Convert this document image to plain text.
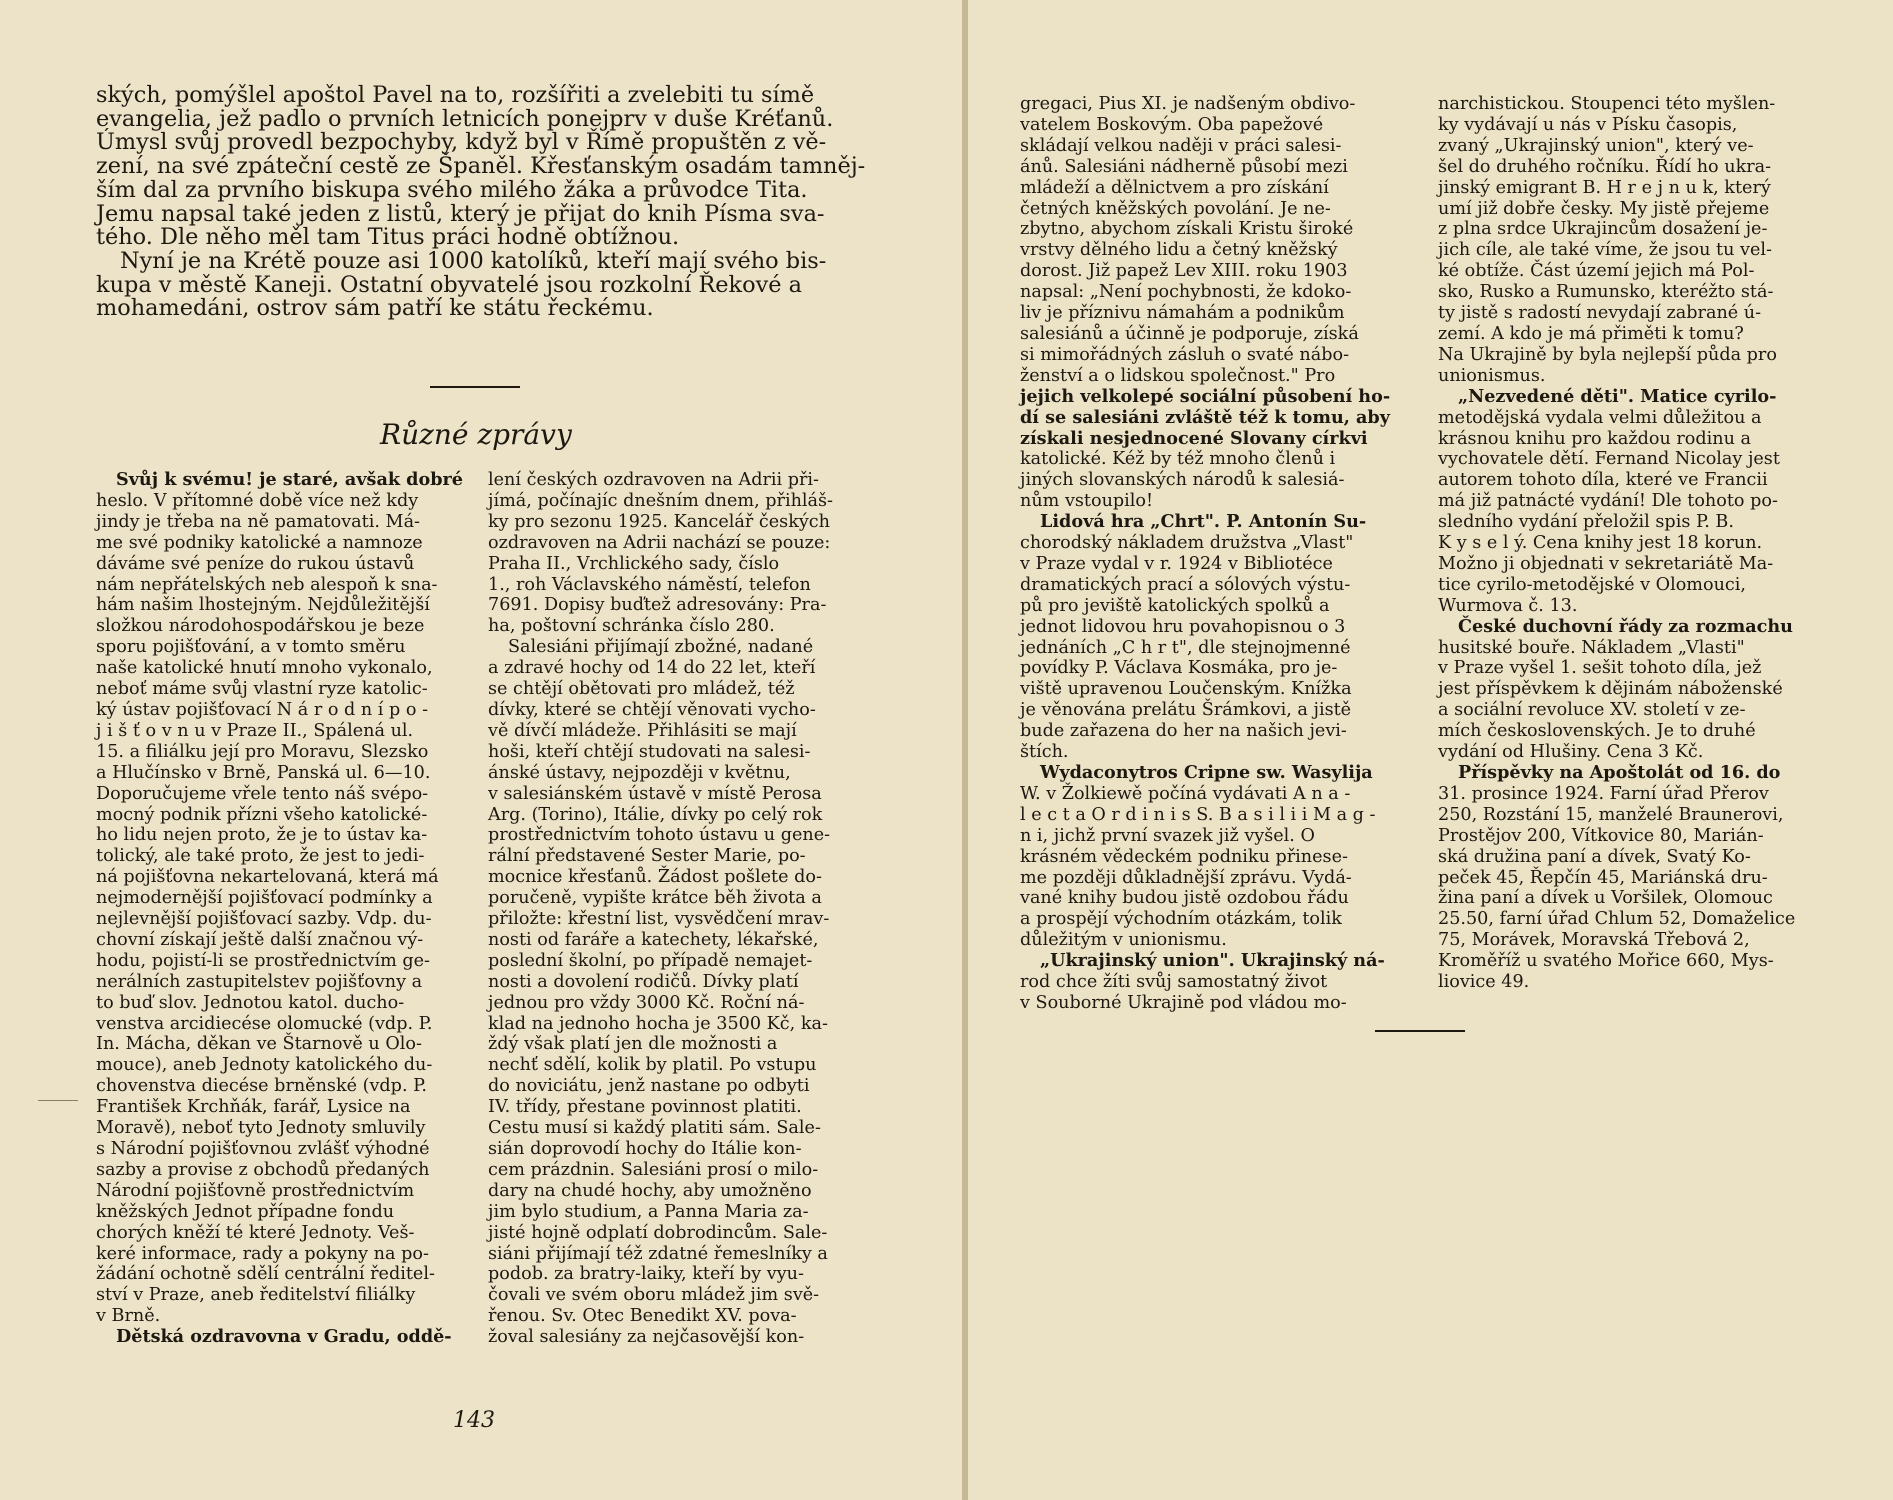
ských, pomýšlel apoštol Pavel na to, rozšířiti a zvelebiti tu símě

evangelia, jež padlo o prvních letnicích ponejprv v duše Kréťanů.

Úmysl svůj provedl bezpochyby, když byl v Římě propuštěn z vě-

zení, na své zpáteční cestě ze Španěl. Křesťanským osadám tamněj-

ším dal za prvního biskupa svého milého žáka a průvodce Tita.

Jemu napsal také jeden z listů, který je přijat do knih Písma sva-

tého. Dle něho měl tam Titus práci hodně obtížnou.

Nyní je na Krétě pouze asi 1000 katolíků, kteří mají svého bis-

kupa v městě Kaneji. Ostatní obyvatelé jsou rozkolní Řekové a

mohamedáni, ostrov sám patří ke státu řeckému.

Různé zprávy

Svůj k svému! je staré, avšak dobré

heslo. V přítomné době více než kdy

jindy je třeba na ně pamatovati. Má-

me své podniky katolické a namnoze

dáváme své peníze do rukou ústavů

nám nepřátelských neb alespoň k sna-

hám našim lhostejným. Nejdůležitější

složkou národohospodářskou je beze

sporu pojišťování, a v tomto směru

naše katolické hnutí mnoho vykonalo,

neboť máme svůj vlastní ryze katolic-

ký ústav pojišťovací N á r o d n í p o -

j i š ť o v n u v Praze II., Spálená ul.

15. a filiálku její pro Moravu, Slezsko

a Hlučínsko v Brně, Panská ul. 6—10.

Doporučujeme vřele tento náš svépo-

mocný podnik přízni všeho katolické-

ho lidu nejen proto, že je to ústav ka-

tolický, ale také proto, že jest to jedi-

ná pojišťovna nekartelovaná, která má

nejmodernější pojišťovací podmínky a

nejlevnější pojišťovací sazby. Vdp. du-

chovní získají ještě další značnou vý-

hodu, pojistí-li se prostřednictvím ge-

nerálních zastupitelstev pojišťovny a

to buď slov. Jednotou katol. ducho-

venstva arcidiecése olomucké (vdp. P.

In. Mácha, děkan ve Štarnově u Olo-

mouce), aneb Jednoty katolického du-

chovenstva diecése brněnské (vdp. P.

František Krchňák, farář, Lysice na

Moravě), neboť tyto Jednoty smluvily

s Národní pojišťovnou zvlášť výhodné

sazby a provise z obchodů předaných

Národní pojišťovně prostřednictvím

kněžských Jednot případne fondu

chorých kněží té které Jednoty. Veš-

keré informace, rady a pokyny na po-

žádání ochotně sdělí centrální ředitel-

ství v Praze, aneb ředitelství filiálky

v Brně.

Dětská ozdravovna v Gradu, oddě-

lení českých ozdravoven na Adrii při-

jímá, počínajíc dnešním dnem, přihláš-

ky pro sezonu 1925. Kancelář českých

ozdravoven na Adrii nachází se pouze:

Praha II., Vrchlického sady, číslo

1., roh Václavského náměstí, telefon

7691. Dopisy buďtež adresovány: Pra-

ha, poštovní schránka číslo 280.

Salesiáni přijímají zbožné, nadané

a zdravé hochy od 14 do 22 let, kteří

se chtějí obětovati pro mládež, též

dívky, které se chtějí věnovati vycho-

vě dívčí mládeže. Přihlásiti se mají

hoši, kteří chtějí studovati na salesi-

ánské ústavy, nejpozději v květnu,

v salesiánském ústavě v místě Perosa

Arg. (Torino), Itálie, dívky po celý rok

prostřednictvím tohoto ústavu u gene-

rální představené Sester Marie, po-

mocnice křesťanů. Žádost pošlete do-

poručeně, vypište krátce běh života a

přiložte: křestní list, vysvědčení mrav-

nosti od faráře a katechety, lékařské,

poslední školní, po případě nemajet-

nosti a dovolení rodičů. Dívky platí

jednou pro vždy 3000 Kč. Roční ná-

klad na jednoho hocha je 3500 Kč, ka-

ždý však platí jen dle možnosti a

nechť sdělí, kolik by platil. Po vstupu

do noviciátu, jenž nastane po odbyti

IV. třídy, přestane povinnost platiti.

Cestu musí si každý platiti sám. Sale-

sián doprovodí hochy do Itálie kon-

cem prázdnin. Salesiáni prosí o milo-

dary na chudé hochy, aby umožněno

jim bylo studium, a Panna Maria za-

jisté hojně odplatí dobrodincům. Sale-

siáni přijímají též zdatné řemeslníky a

podob. za bratry-laiky, kteří by vyu-

čovali ve svém oboru mládež jim svě-

řenou. Sv. Otec Benedikt XV. pova-

žoval salesiány za nejčasovější kon-

143

gregaci, Pius XI. je nadšeným obdivo-

vatelem Boskovým. Oba papežové

skládají velkou naději v práci salesi-

ánů. Salesiáni nádherně působí mezi

mládeží a dělnictvem a pro získání

četných kněžských povolání. Je ne-

zbytno, abychom získali Kristu široké

vrstvy dělného lidu a četný kněžský

dorost. Již papež Lev XIII. roku 1903

napsal: „Není pochybnosti, že kdoko-

liv je příznivu námahám a podnikům

salesiánů a účinně je podporuje, získá

si mimořádných zásluh o svaté nábo-

ženství a o lidskou společnost." Pro

jejich velkolepé sociální působení ho-

dí se salesiáni zvláště též k tomu, aby

získali nesjednocené Slovany církvi

katolické. Kéž by též mnoho členů i

jiných slovanských národů k salesiá-

nům vstoupilo!

Lidová hra „Chrt". P. Antonín Su-

chorodský nákladem družstva „Vlast"

v Praze vydal v r. 1924 v Bibliotéce

dramatických prací a sólových výstu-

pů pro jeviště katolických spolků a

jednot lidovou hru povahopisnou o 3

jednáních „C h r t", dle stejnojmenné

povídky P. Václava Kosmáka, pro je-

viště upravenou Loučenským. Knížka

je věnována prelátu Šrámkovi, a jistě

bude zařazena do her na našich jevi-

štích.

Wydaconytros Cripne sw. Wasylija

W. v Žolkiewě počíná vydávati A n a -

l e c t a O r d i n i s S. B a s i l i i M a g -

n i, jichž první svazek již vyšel. O

krásném vědeckém podniku přinese-

me později důkladnější zprávu. Vydá-

vané knihy budou jistě ozdobou řádu

a prospějí východním otázkám, tolik

důležitým v unionismu.

„Ukrajinský union". Ukrajinský ná-

rod chce žíti svůj samostatný život

v Souborné Ukrajině pod vládou mo-

narchistickou. Stoupenci této myšlen-

ky vydávají u nás v Písku časopis,

zvaný „Ukrajinský union", který ve-

šel do druhého ročníku. Řídí ho ukra-

jinský emigrant B. H r e j n u k, který

umí již dobře česky. My jistě přejeme

z plna srdce Ukrajincům dosažení je-

jich cíle, ale také víme, že jsou tu vel-

ké obtíže. Část území jejich má Pol-

sko, Rusko a Rumunsko, kteréžto stá-

ty jistě s radostí nevydají zabrané ú-

zemí. A kdo je má přiměti k tomu?

Na Ukrajině by byla nejlepší půda pro

unionismus.

„Nezvedené děti". Matice cyrilo-

metodějská vydala velmi důležitou a

krásnou knihu pro každou rodinu a

vychovatele dětí. Fernand Nicolay jest

autorem tohoto díla, které ve Francii

má již patnácté vydání! Dle tohoto po-

sledního vydání přeložil spis P. B.

K y s e l ý. Cena knihy jest 18 korun.

Možno ji objednati v sekretariátě Ma-

tice cyrilo-metodějské v Olomouci,

Wurmova č. 13.

České duchovní řády za rozmachu

husitské bouře. Nákladem „Vlasti"

v Praze vyšel 1. sešit tohoto díla, jež

jest příspěvkem k dějinám náboženské

a sociální revoluce XV. století v ze-

mích československých. Je to druhé

vydání od Hlušiny. Cena 3 Kč.

Příspěvky na Apoštolát od 16. do

31. prosince 1924. Farní úřad Přerov

250, Rozstání 15, manželé Braunerovi,

Prostějov 200, Vítkovice 80, Marián-

ská družina paní a dívek, Svatý Ko-

peček 45, Řepčín 45, Mariánská dru-

žina paní a dívek u Voršilek, Olomouc

25.50, farní úřad Chlum 52, Domaželice

75, Morávek, Moravská Třebová 2,

Kroměříž u svatého Mořice 660, Mys-

liovice 49.
